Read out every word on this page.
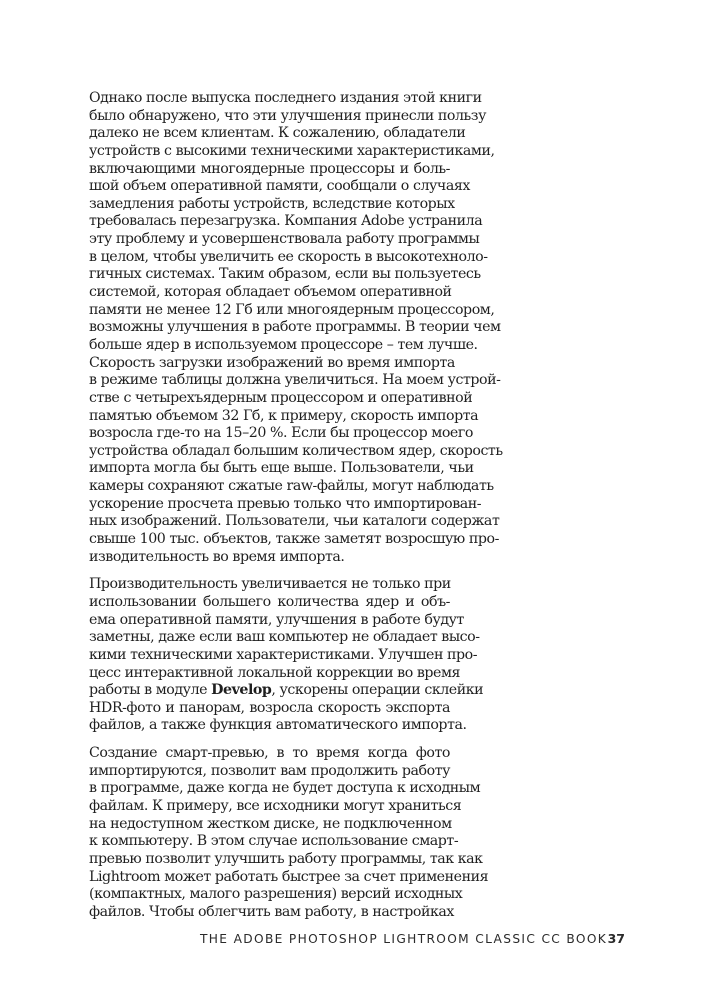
Однако после выпуска последнего издания этой книги
было обнаружено, что эти улучшения принесли пользу
далеко не всем клиентам. К сожалению, обладатели
устройств с высокими техническими характеристиками,
включающими многоядерные процессоры и боль-
шой объем оперативной памяти, сообщали о случаях
замедления работы устройств, вследствие которых
требовалась перезагрузка. Компания Adobe устранила
эту проблему и усовершенствовала работу программы
в целом, чтобы увеличить ее скорость в высокотехноло-
гичных системах. Таким образом, если вы пользуетесь
системой, которая обладает объемом оперативной
памяти не менее 12 Гб или многоядерным процессором,
возможны улучшения в работе программы. В теории чем
больше ядер в используемом процессоре – тем лучше.
Скорость загрузки изображений во время импорта
в режиме таблицы должна увеличиться. На моем устрой-
стве с четырехъядерным процессором и оперативной
памятью объемом 32 Гб, к примеру, скорость импорта
возросла где-то на 15–20 %. Если бы процессор моего
устройства обладал большим количеством ядер, скорость
импорта могла бы быть еще выше. Пользователи, чьи
камеры сохраняют сжатые raw-файлы, могут наблюдать
ускорение просчета превью только что импортирован-
ных изображений. Пользователи, чьи каталоги содержат
свыше 100 тыс. объектов, также заметят возросшую про-
изводительность во время импорта.
Производительность увеличивается не только при
использовании большего количества ядер и объ-
ема оперативной памяти, улучшения в работе будут
заметны, даже если ваш компьютер не обладает высо-
кими техническими характеристиками. Улучшен про-
цесс интерактивной локальной коррекции во время
работы в модуле Develop, ускорены операции склейки
HDR-фото и панорам, возросла скорость экспорта
файлов, а также функция автоматического импорта.
Создание смарт-превью, в то время когда фото
импортируются, позволит вам продолжить работу
в программе, даже когда не будет доступа к исходным
файлам. К примеру, все исходники могут храниться
на недоступном жестком диске, не подключенном
к компьютеру. В этом случае использование смарт-
превью позволит улучшить работу программы, так как
Lightroom может работать быстрее за счет применения
(компактных, малого разрешения) версий исходных
файлов. Чтобы облегчить вам работу, в настройках
THE ADOBE PHOTOSHOP LIGHTROOM CLASSIC CC BOOK 37
